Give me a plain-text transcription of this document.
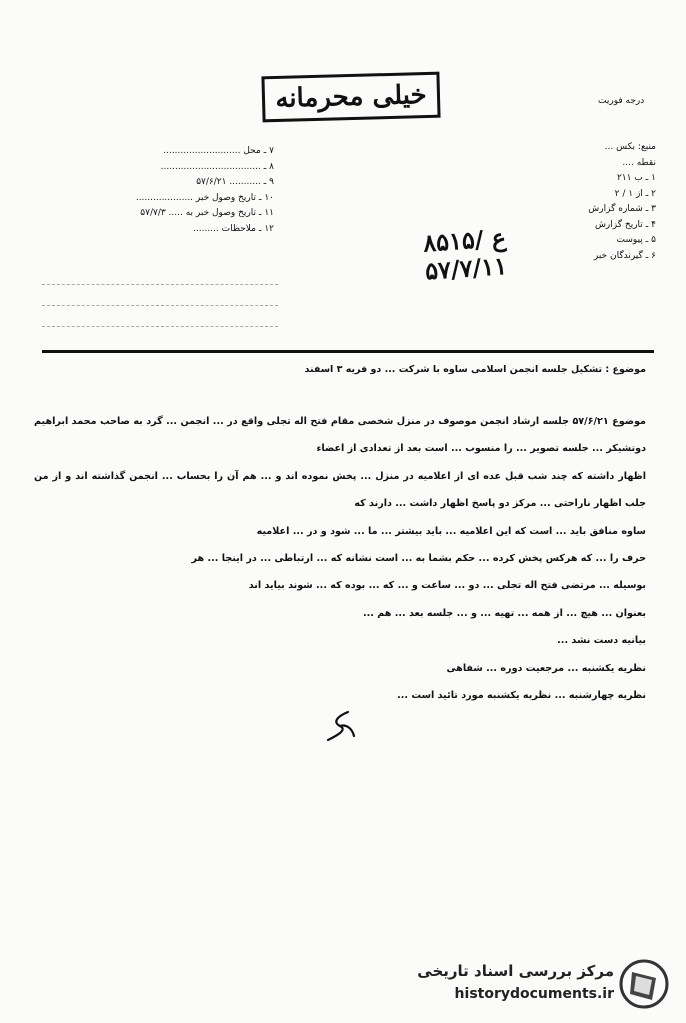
خیلی محرمانه	درجه فوریت
منبع: بکس ...
نقطه ....
۱ ـ ب ۲۱۱
۲ ـ از ۱ / ۲
۳ ـ شماره گزارش
۴ ـ تاریخ گزارش
۵ ـ پیوست
۶ ـ گیرندگان خبر
۷ ـ محل ...........................
۸ ـ ...................................
۹ ـ ........... ۵۷/۶/۲۱
۱۰ ـ تاریخ وصول خبر ....................
۱۱ ـ تاریخ وصول خبر به ..... ۵۷/۷/۳
۱۲ ـ ملاحظات .........	۸۵۱۵/ ع
۵۷/۷/۱۱
موضوع : تشکیل جلسه انجمن اسلامی ساوه با شرکت ... دو فریه ۳ اسفند

موضوع ۵۷/۶/۲۱ جلسه ارشاد انجمن موصوف در منزل شخصی مقام فتح اله تجلی واقع در ... انجمن ... گرد به صاحب محمد ابراهیم دوتشیکر ... جلسه تصویر ... را منسوب ... است بعد از تعدادی از اعضاء

اظهار داشته که چند شب قبل عده ای از اعلامیه در منزل ... پخش نموده اند و ... هم آن را بحساب ... انجمن گذاشته اند و از من جلب اظهار ناراحتی ... مرکز دو پاسخ اظهار داشت ... دارند که

ساوه منافق باید ... است که این اعلامیه ... باید بیشتر ... ما ... شود و در ... اعلامیه

حرف را ... که هرکس پخش کرده ... حکم بشما به ... است نشانه که ... ارتباطی ... در اینجا ... هر

بوسیله ... مرتضی فتح اله تجلی ... دو ... ساعت و ... که ... بوده که ... شوند بیاید اند

بعنوان ... هیچ ... از همه ... تهیه ... و ... جلسه بعد ... هم ...

بیانیه دست نشد ...

نظریه یکشنبه ... مرجعیت دوره ... شفاهی

نظریه چهارشنبه ... نظریه یکشنبه مورد تائید است ...

مرکز بررسی اسناد تاریخی
historydocuments.ir
